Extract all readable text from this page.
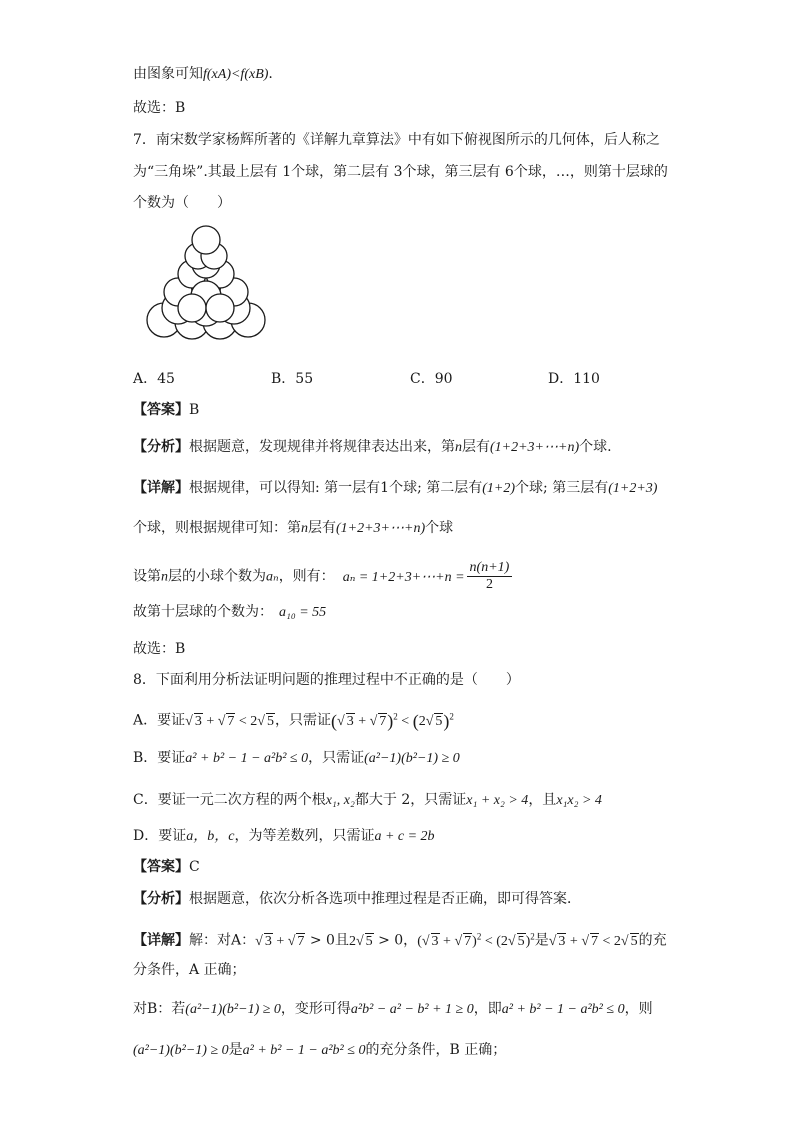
由图象可知f(xA)<f(xB).
故选：B
7．南宋数学家杨辉所著的《详解九章算法》中有如下俯视图所示的几何体，后人称之
为“三角垛”.其最上层有 1个球，第二层有 3个球，第三层有 6个球，…，则第十层球的
个数为（　　）
A．45	B．55	C．90	D．110
【答案】B
【分析】根据题意，发现规律并将规律表达出来，第n层有(1+2+3+⋯+n)个球.
【详解】根据规律，可以得知: 第一层有1个球; 第二层有(1+2)个球; 第三层有(1+2+3)
个球，则根据规律可知：第n层有(1+2+3+⋯+n)个球
设第n层的小球个数为aₙ，则有： aₙ = 1+2+3+⋯+n = $\frac{n(n+1)}{2}$
故第十层球的个数为： a₁₀ = 55
故选：B
8．下面利用分析法证明问题的推理过程中不正确的是（　　）
A．要证√ 3 + √ 7 < 2√ 5，只需证(√ 3 + √ 7)$^2$ < (2√ 5)$^2$
B．要证a² + b² − 1 − a²b² ≤ 0，只需证(a²−1)(b²−1) ≥ 0
C．要证一元二次方程的两个根x₁, x₂都大于 2，只需证x₁ + x₂ > 4，且x₁x₂ > 4
D．要证a，b，c，为等差数列，只需证a + c = 2b
【答案】C
【分析】根据题意，依次分析各选项中推理过程是否正确，即可得答案．
【详解】解：对A：√ 3 + √ 7 > 0且2√ 5 > 0，(√ 3 + √ 7)$^2$ < (2√ 5)$^2$是√ 3 + √ 7 < 2√ 5的充
分条件，A 正确；
对B：若(a²−1)(b²−1) ≥ 0，变形可得a²b² − a² − b² + 1 ≥ 0，即a² + b² − 1 − a²b² ≤ 0，则
(a²−1)(b²−1) ≥ 0是a² + b² − 1 − a²b² ≤ 0的充分条件，B 正确；
